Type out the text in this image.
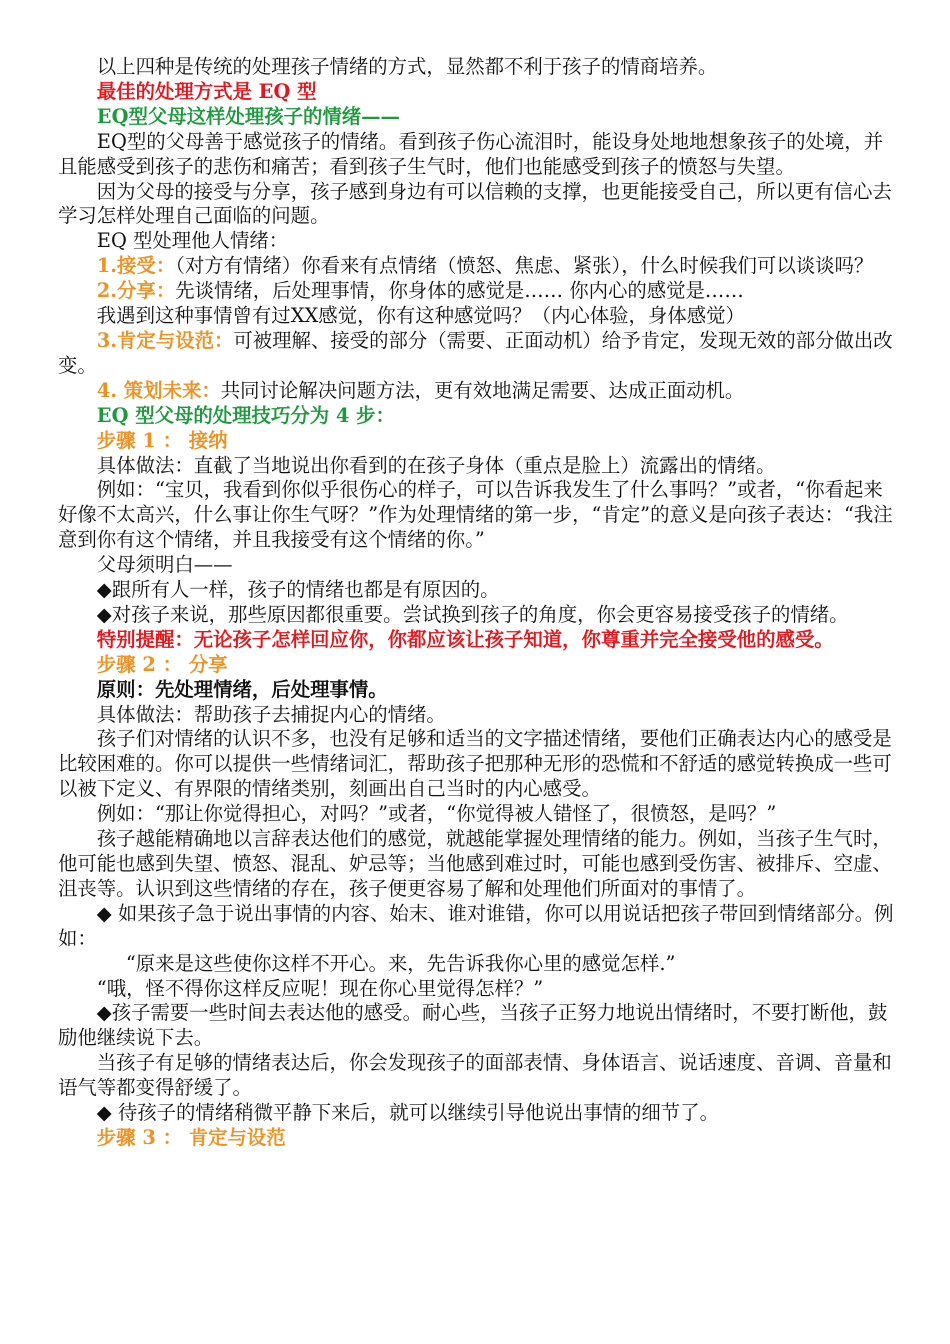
以上四种是传统的处理孩子情绪的方式，显然都不利于孩子的情商培养。

最佳的处理方式是 EQ 型

EQ型父母这样处理孩子的情绪——

EQ型的父母善于感觉孩子的情绪。看到孩子伤心流泪时，能设身处地地想象孩子的处境，并且能感受到孩子的悲伤和痛苦；看到孩子生气时，他们也能感受到孩子的愤怒与失望。

因为父母的接受与分享，孩子感到身边有可以信赖的支撑，也更能接受自己，所以更有信心去学习怎样处理自己面临的问题。

EQ 型处理他人情绪：

1.接受：（对方有情绪）你看来有点情绪（愤怒、焦虑、紧张），什么时候我们可以谈谈吗？

2.分享：先谈情绪，后处理事情，你身体的感觉是…… 你内心的感觉是……

我遇到这种事情曾有过XX感觉，你有这种感觉吗？（内心体验，身体感觉）

3.肯定与设范：可被理解、接受的部分（需要、正面动机）给予肯定，发现无效的部分做出改变。

4. 策划未来：共同讨论解决问题方法，更有效地满足需要、达成正面动机。

EQ 型父母的处理技巧分为 4 步：

步骤 1 ： 接纳

具体做法：直截了当地说出你看到的在孩子身体（重点是脸上）流露出的情绪。

例如：“宝贝，我看到你似乎很伤心的样子，可以告诉我发生了什么事吗？”或者，“你看起来好像不太高兴，什么事让你生气呀？”作为处理情绪的第一步，“肯定”的意义是向孩子表达：“我注意到你有这个情绪，并且我接受有这个情绪的你。”

父母须明白——

◆跟所有人一样，孩子的情绪也都是有原因的。

◆对孩子来说，那些原因都很重要。尝试换到孩子的角度，你会更容易接受孩子的情绪。

特别提醒：无论孩子怎样回应你，你都应该让孩子知道，你尊重并完全接受他的感受。

步骤 2 ： 分享

原则：先处理情绪，后处理事情。

具体做法：帮助孩子去捕捉内心的情绪。

孩子们对情绪的认识不多，也没有足够和适当的文字描述情绪，要他们正确表达内心的感受是比较困难的。你可以提供一些情绪词汇，帮助孩子把那种无形的恐慌和不舒适的感觉转换成一些可以被下定义、有界限的情绪类别，刻画出自己当时的内心感受。

例如：“那让你觉得担心，对吗？”或者，“你觉得被人错怪了，很愤怒，是吗？”

孩子越能精确地以言辞表达他们的感觉，就越能掌握处理情绪的能力。例如，当孩子生气时，他可能也感到失望、愤怒、混乱、妒忌等；当他感到难过时，可能也感到受伤害、被排斥、空虚、沮丧等。认识到这些情绪的存在，孩子便更容易了解和处理他们所面对的事情了。

◆ 如果孩子急于说出事情的内容、始末、谁对谁错，你可以用说话把孩子带回到情绪部分。例如：

“原来是这些使你这样不开心。来，先告诉我你心里的感觉怎样.”

“哦，怪不得你这样反应呢！现在你心里觉得怎样？”

◆孩子需要一些时间去表达他的感受。耐心些，当孩子正努力地说出情绪时，不要打断他，鼓励他继续说下去。

当孩子有足够的情绪表达后，你会发现孩子的面部表情、身体语言、说话速度、音调、音量和语气等都变得舒缓了。

◆ 待孩子的情绪稍微平静下来后，就可以继续引导他说出事情的细节了。

步骤 3 ： 肯定与设范
